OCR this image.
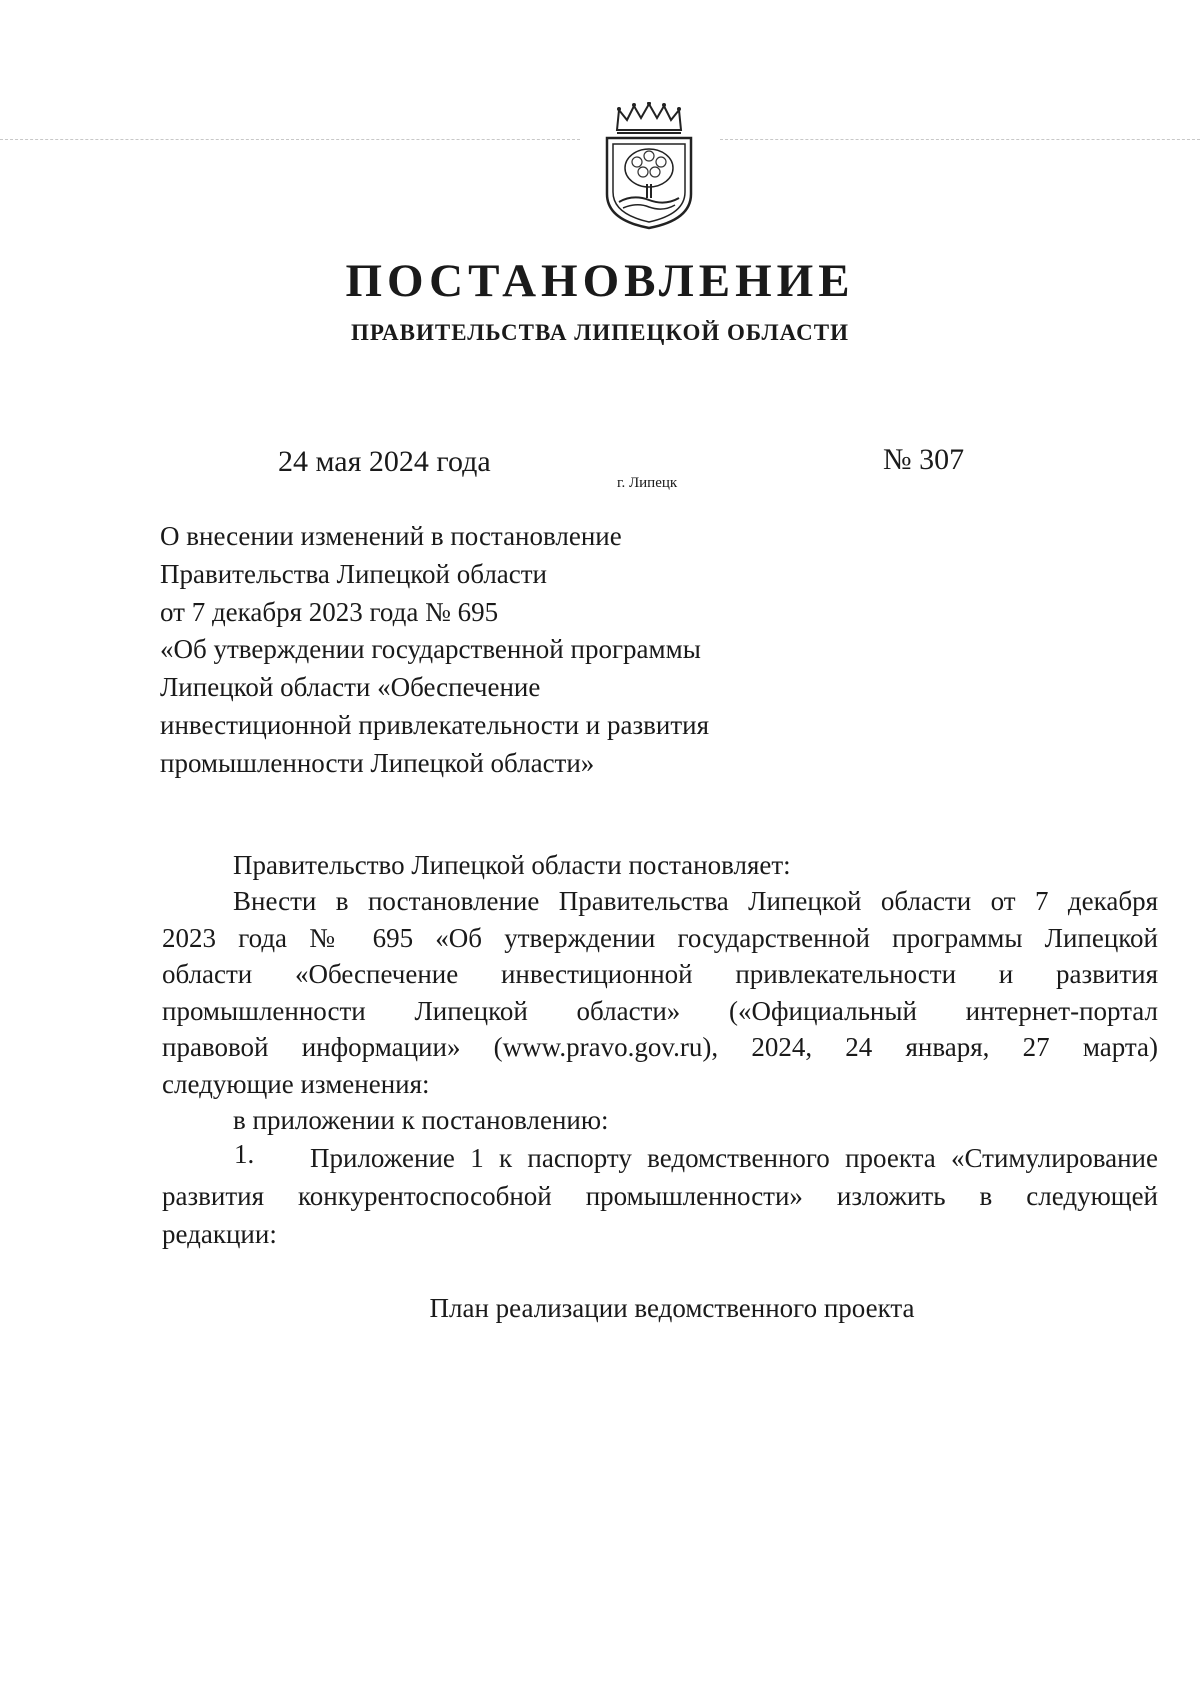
ПОСТАНОВЛЕНИЕ
ПРАВИТЕЛЬСТВА ЛИПЕЦКОЙ ОБЛАСТИ
24 мая 2024 года
г. Липецк
№ 307
О внесении изменений в постановление
Правительства Липецкой области
от 7 декабря 2023 года № 695
«Об утверждении государственной программы
Липецкой области «Обеспечение
инвестиционной привлекательности и развития
промышленности Липецкой области»
Правительство Липецкой области постановляет:
Внести в постановление Правительства Липецкой области от 7 декабря
2023 года № 695 «Об утверждении государственной программы Липецкой
области «Обеспечение инвестиционной привлекательности и развития
промышленности Липецкой области» («Официальный интернет-портал
правовой информации» (www.pravo.gov.ru), 2024, 24 января, 27 марта)
следующие изменения:
в приложении к постановлению:
1. Приложение 1 к паспорту ведомственного проекта «Стимулирование
развития конкурентоспособной промышленности» изложить в следующей
редакции:
План реализации ведомственного проекта
